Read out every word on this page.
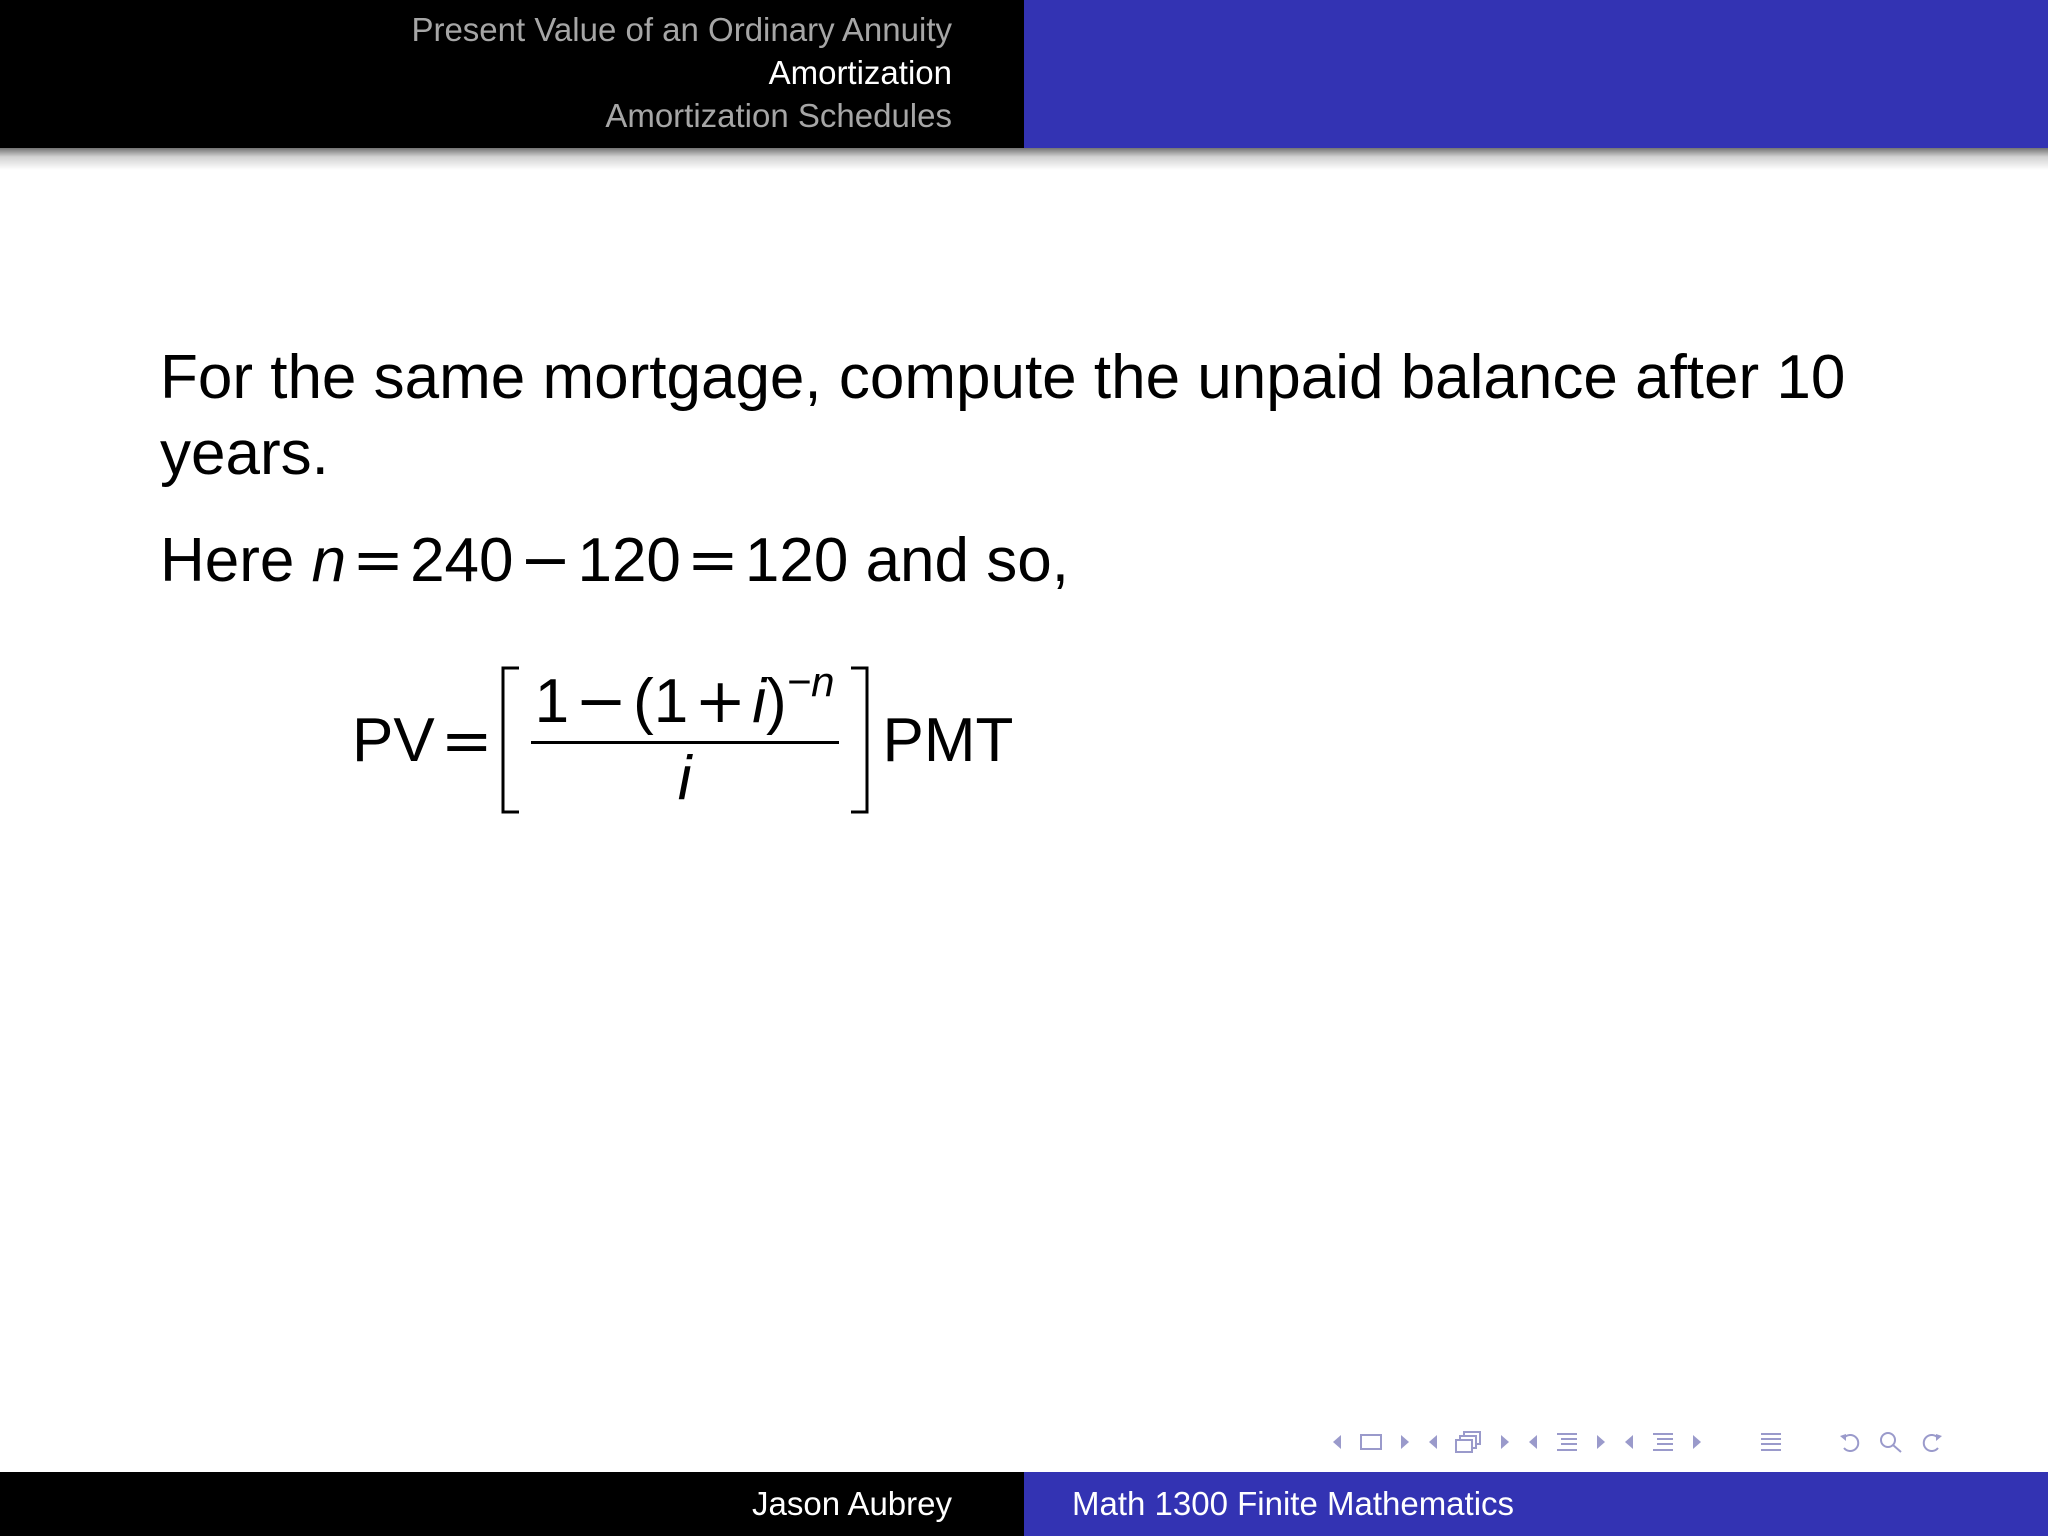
Present Value of an Ordinary Annuity
Amortization
Amortization Schedules

For the same mortgage, compute the unpaid balance after 10 years.

Here n=240−120=120 and so,

PV = $\frac{1-(1+i)^{-n}}{i}$ PMT
Jason Aubrey	Math 1300 Finite Mathematics
